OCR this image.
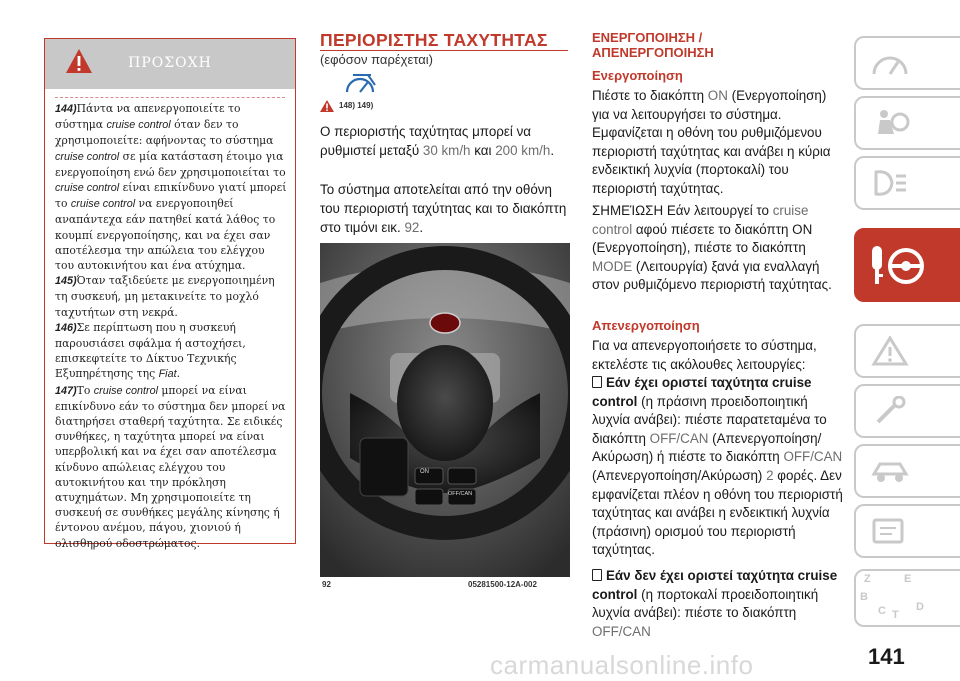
ΠΡΟΣΟΧΗ

144)Πάντα να απενεργοποιείτε το σύστημα cruise control όταν δεν το χρησιμοποιείτε: αφήνοντας το σύστημα cruise control σε μία κατάσταση έτοιμο για ενεργοποίηση ενώ δεν χρησιμοποιείται το cruise control είναι επικίνδυνο γιατί μπορεί το cruise control να ενεργοποιηθεί αναπάντεχα εάν πατηθεί κατά λάθος το κουμπί ενεργοποίησης, και να έχει σαν αποτέλεσμα την απώλεια του ελέγχου του αυτοκινήτου και ένα ατύχημα.

145)Όταν ταξιδεύετε με ενεργοποιημένη τη συσκευή, μη μετακινείτε το μοχλό ταχυτήτων στη νεκρά.

146)Σε περίπτωση που η συσκευή παρουσιάσει σφάλμα ή αστοχήσει, επισκεφτείτε το Δίκτυο Τεχνικής Εξυπηρέτησης της Fiat.

147)Το cruise control μπορεί να είναι επικίνδυνο εάν το σύστημα δεν μπορεί να διατηρήσει σταθερή ταχύτητα. Σε ειδικές συνθήκες, η ταχύτητα μπορεί να είναι υπερβολική και να έχει σαν αποτέλεσμα κίνδυνο απώλειας ελέγχου του αυτοκινήτου και την πρόκληση ατυχημάτων. Μη χρησιμοποιείτε τη συσκευή σε συνθήκες μεγάλης κίνησης ή έντονου ανέμου, πάγου, χιονιού ή ολισθηρού οδοστρώματος.

ΠΕΡΙΟΡΙΣΤΗΣ ΤΑΧΥΤΗΤΑΣ
(εφόσον παρέχεται)
148) 149)
Ο περιοριστής ταχύτητας μπορεί να ρυθμιστεί μεταξύ 30 km/h και 200 km/h.
Το σύστημα αποτελείται από την οθόνη του περιοριστή ταχύτητας και το διακόπτη στο τιμόνι εικ. 92.
ON
OFF/CAN
92	05281500-12A-002
ΕΝΕΡΓΟΠΟΙΗΣΗ /
ΑΠΕΝΕΡΓΟΠΟΙΗΣΗ
Ενεργοποίηση
Πιέστε το διακόπτη ON (Ενεργοποίηση) για να λειτουργήσει το σύστημα. Εμφανίζεται η οθόνη του ρυθμιζόμενου περιοριστή ταχύτητας και ανάβει η κύρια ενδεικτική λυχνία (πορτοκαλί) του περιοριστή ταχύτητας.
ΣΗΜΕΊΩΣΗ Εάν λειτουργεί το cruise control αφού πιέσετε το διακόπτη ON (Ενεργοποίηση), πιέστε το διακόπτη MODE (Λειτουργία) ξανά για εναλλαγή στον ρυθμιζόμενο περιοριστή ταχύτητας.
Απενεργοποίηση
Για να απενεργοποιήσετε το σύστημα, εκτελέστε τις ακόλουθες λειτουργίες:
Εάν έχει οριστεί ταχύτητα cruise control (η πράσινη προειδοποιητική λυχνία ανάβει): πιέστε παρατεταμένα το διακόπτη OFF/CAN (Απενεργοποίηση/Ακύρωση) ή πιέστε το διακόπτη OFF/CAN (Απενεργοποίηση/Ακύρωση) 2 φορές. Δεν εμφανίζεται πλέον η οθόνη του περιοριστή ταχύτητας και ανάβει η ενδεικτική λυχνία (πράσινη) ορισμού του περιοριστή ταχύτητας.
Εάν δεν έχει οριστεί ταχύτητα cruise control (η πορτοκαλί προειδοποιητική λυχνία ανάβει): πιέστε το διακόπτη OFF/CAN
Z	E
B
C T
D
carmanualsonline.info	141
